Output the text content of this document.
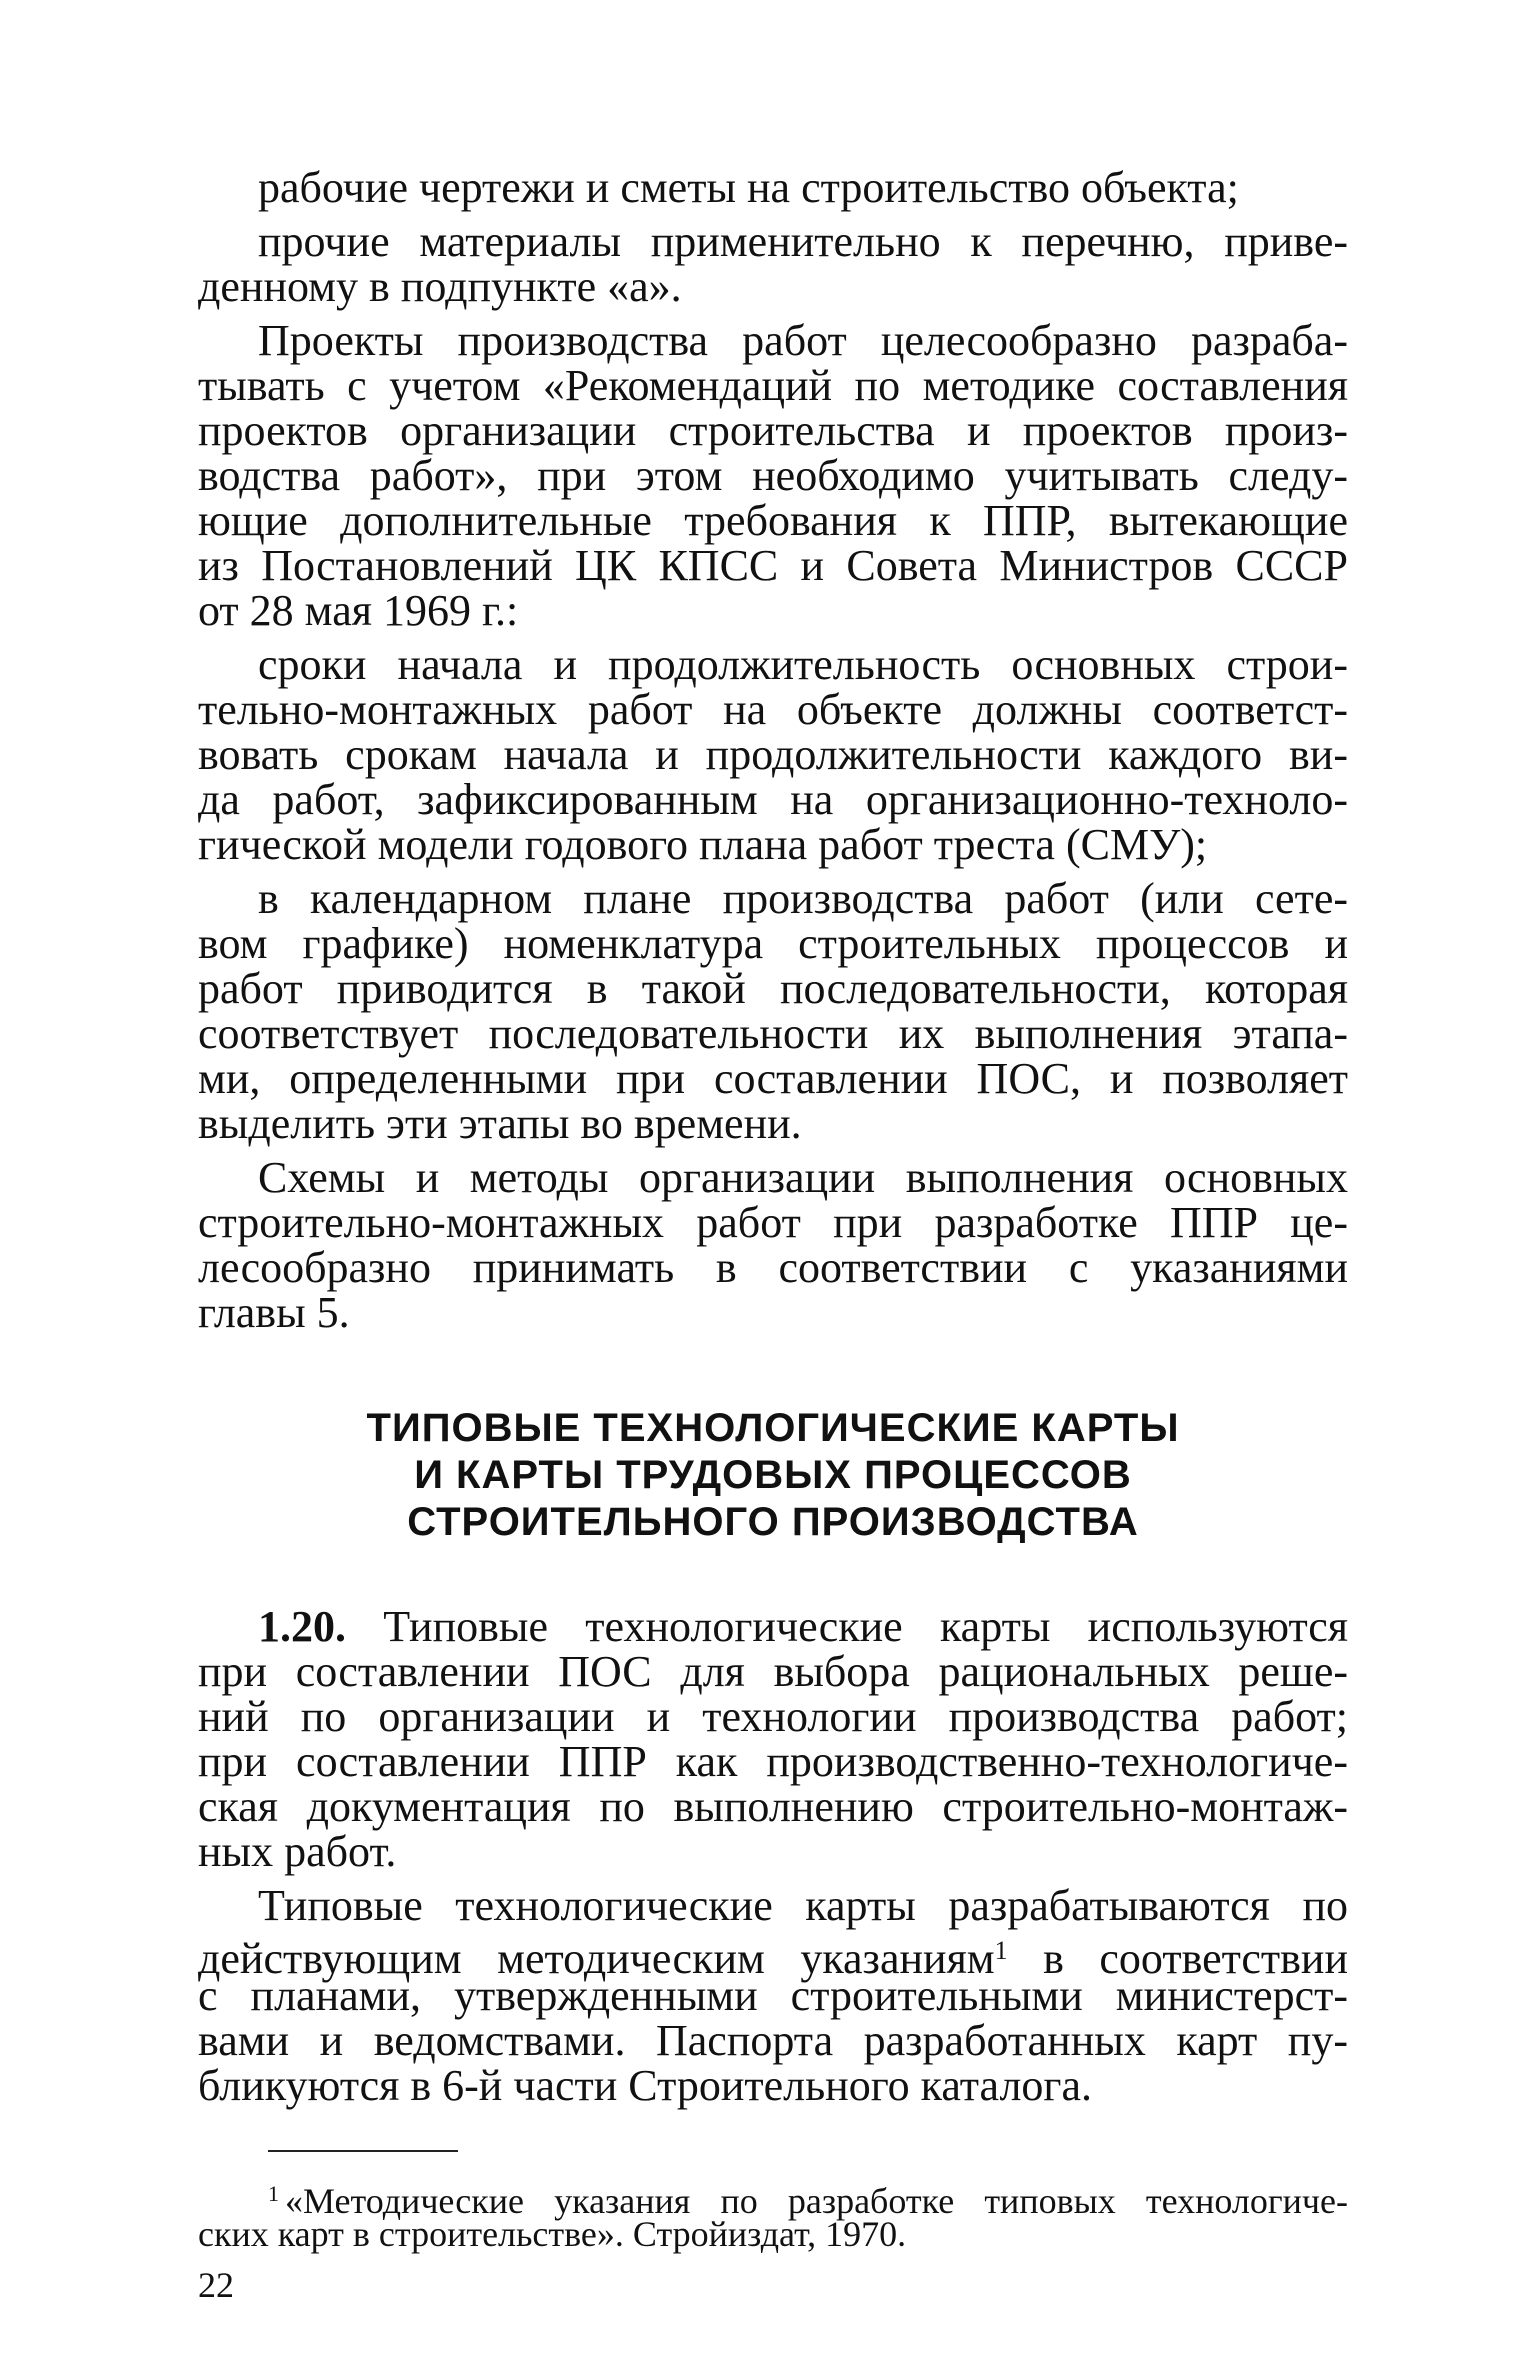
рабочие чертежи и сметы на строительство объекта;
прочие материалы применительно к перечню, приве-
денному в подпункте «а».
Проекты производства работ целесообразно разраба-
тывать с учетом «Рекомендаций по методике составления
проектов организации строительства и проектов произ-
водства работ», при этом необходимо учитывать следу-
ющие дополнительные требования к ППР, вытекающие
из Постановлений ЦК КПСС и Совета Министров СССР
от 28 мая 1969 г.:
сроки начала и продолжительность основных строи-
тельно-монтажных работ на объекте должны соответст-
вовать срокам начала и продолжительности каждого ви-
да работ, зафиксированным на организационно-техноло-
гической модели годового плана работ треста (СМУ);
в календарном плане производства работ (или сете-
вом графике) номенклатура строительных процессов и
работ приводится в такой последовательности, которая
соответствует последовательности их выполнения этапа-
ми, определенными при составлении ПОС, и позволяет
выделить эти этапы во времени.
Схемы и методы организации выполнения основных
строительно-монтажных работ при разработке ППР це-
лесообразно принимать в соответствии с указаниями
главы 5.
ТИПОВЫЕ ТЕХНОЛОГИЧЕСКИЕ КАРТЫ
И КАРТЫ ТРУДОВЫХ ПРОЦЕССОВ
СТРОИТЕЛЬНОГО ПРОИЗВОДСТВА
1.20. Типовые технологические карты используются
при составлении ПОС для выбора рациональных реше-
ний по организации и технологии производства работ;
при составлении ППР как производственно-технологиче-
ская документация по выполнению строительно-монтаж-
ных работ.
Типовые технологические карты разрабатываются по
действующим методическим указаниям$^1$ в соответствии
с планами, утвержденными строительными министерст-
вами и ведомствами. Паспорта разработанных карт пу-
бликуются в 6-й части Строительного каталога.
$^1$ «Методические указания по разработке типовых технологиче-
ских карт в строительстве». Стройиздат, 1970.
22
